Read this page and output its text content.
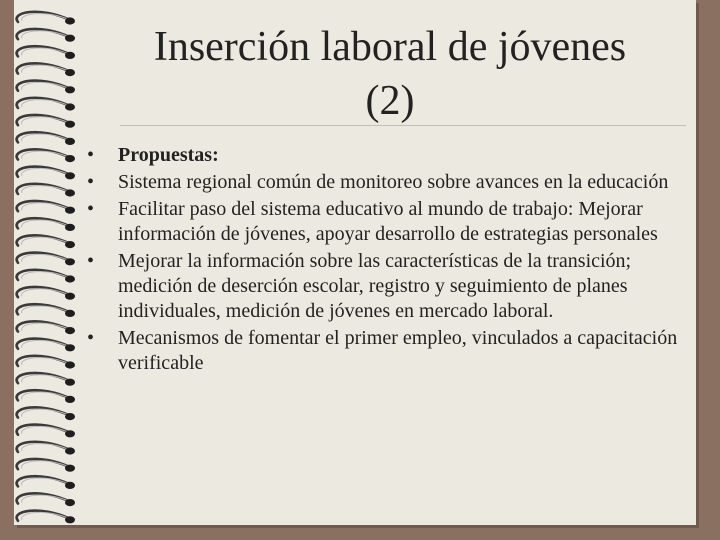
Inserción laboral de jóvenes
(2)
•	Propuestas:
•	Sistema regional común de monitoreo sobre avances en la educación
•	Facilitar paso del sistema educativo al mundo de trabajo: Mejorar información de jóvenes, apoyar desarrollo de estrategias personales
•	Mejorar la información sobre las características de la transición; medición de deserción escolar, registro y seguimiento de planes individuales, medición de jóvenes en mercado laboral.
•	Mecanismos de fomentar el primer empleo, vinculados a capacitación verificable
